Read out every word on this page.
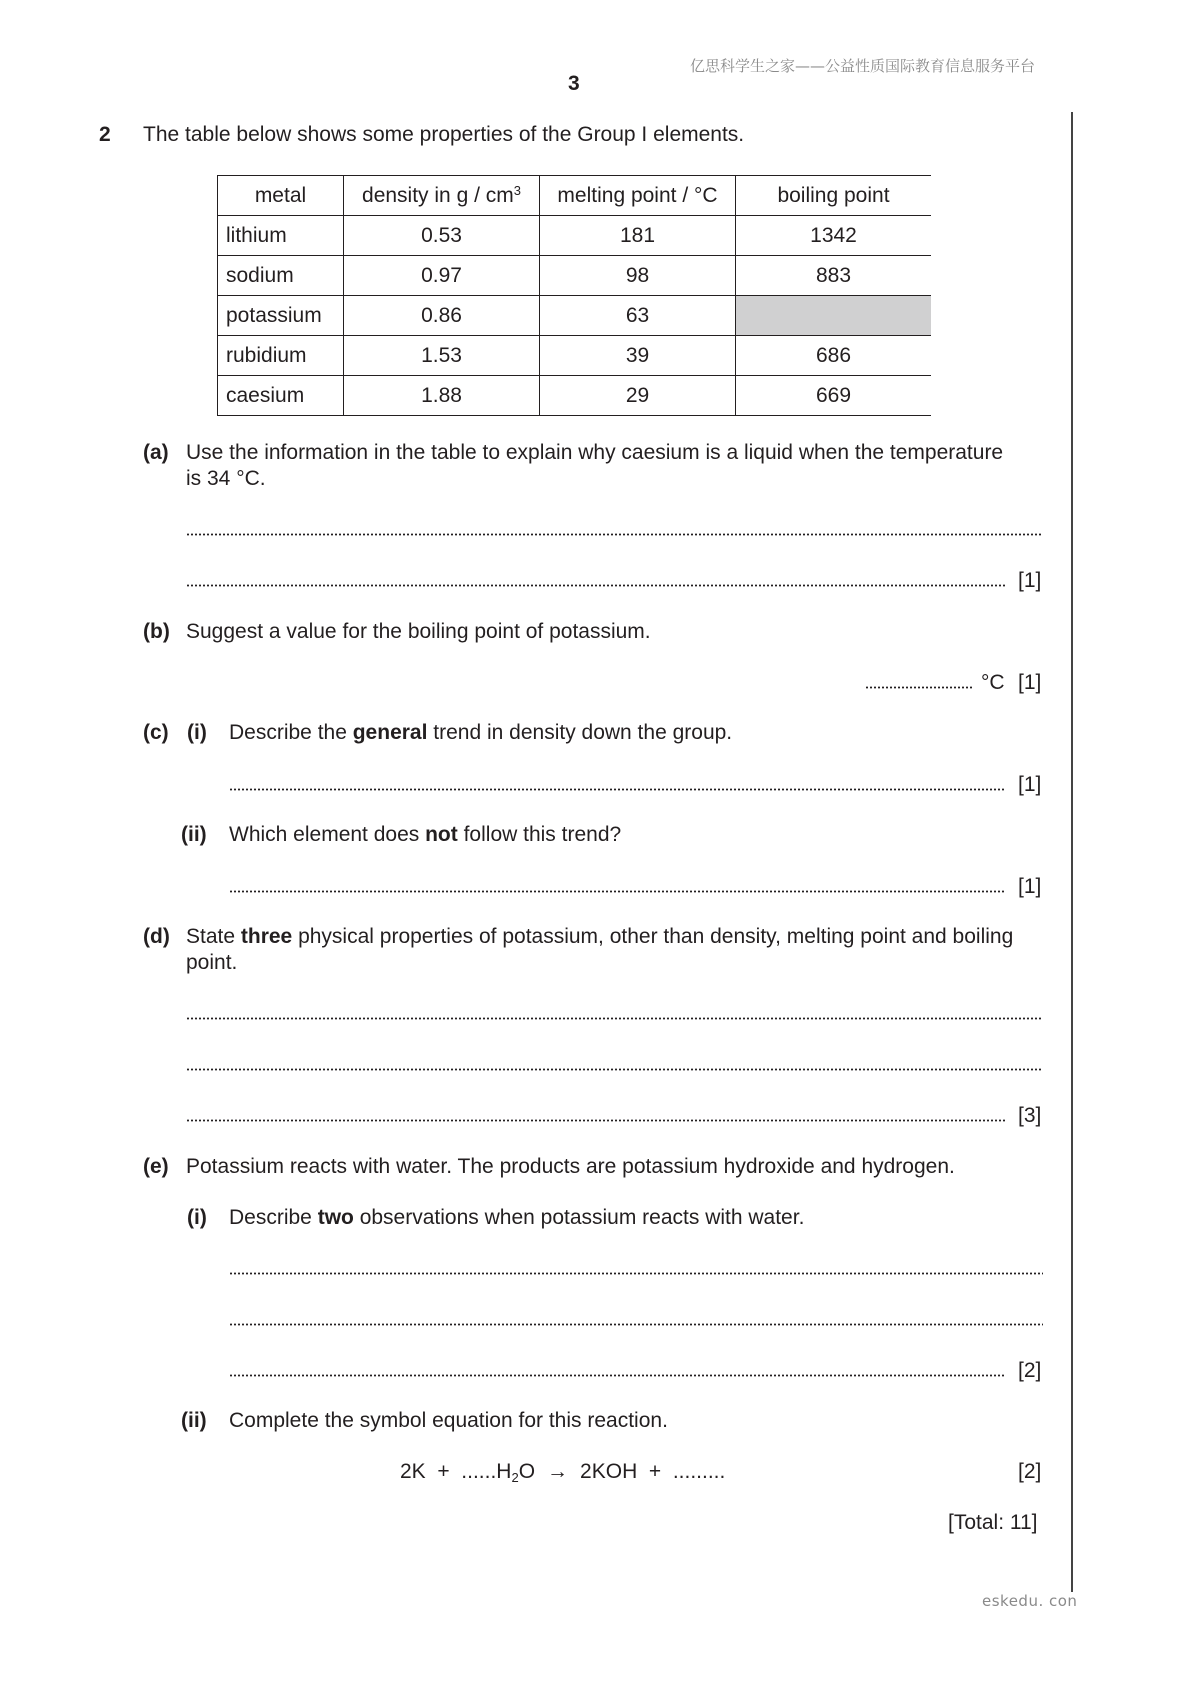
亿思科学生之家——公益性质国际教育信息服务平台
3
2 The table below shows some properties of the Group I elements.
metal	density in g / $cm^3$	melting point / °C	boiling point
lithium	0.53	181	1342
sodium	0.97	98	883
potassium	0.86	63	
rubidium	1.53	39	686
caesium	1.88	29	669
(a) Use the information in the table to explain why caesium is a liquid when the temperature
is 34 °C.
[1]
(b) Suggest a value for the boiling point of potassium.
°C [1]
(c) (i) Describe the general trend in density down the group.
[1]
(ii) Which element does not follow this trend?
[1]
(d) State three physical properties of potassium, other than density, melting point and boiling
point.
[3]
(e) Potassium reacts with water. The products are potassium hydroxide and hydrogen.
(i) Describe two observations when potassium reacts with water.
[2]
(ii) Complete the symbol equation for this reaction.
$2K + ......H_2O \to 2KOH$  +  .........	[2]
[Total: 11]
eskedu. con
